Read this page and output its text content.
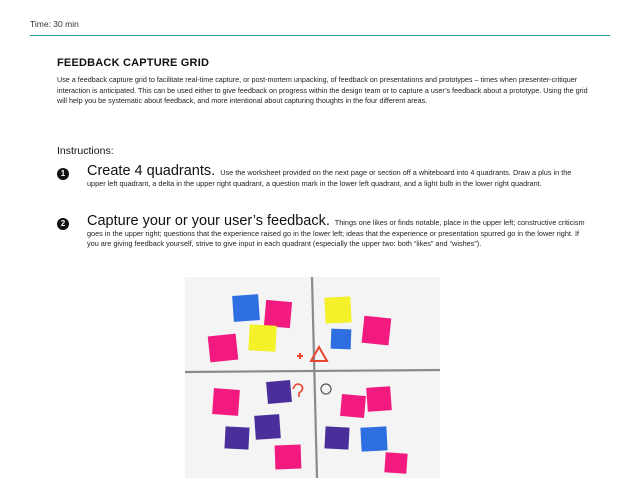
Time: 30 min
FEEDBACK CAPTURE GRID
Use a feedback capture grid to facilitate real-time capture, or post-mortem unpacking, of feedback on presentations and prototypes – times when presenter-critiquer interaction is anticipated. This can be used either to give feedback on progress within the design team or to capture a user’s feedback about a prototype. Using the grid will help you be systematic about feedback, and more intentional about capturing thoughts in the four different areas.
Instructions:
1 Create 4 quadrants. Use the worksheet provided on the next page or section off a whiteboard into 4 quadrants. Draw a plus in the upper left quadrant, a delta in the upper right quadrant, a question mark in the lower left quadrant, and a light bulb in the lower right quadrant.
2 Capture your or your user’s feedback. Things one likes or finds notable, place in the upper left; constructive criticism goes in the upper right; questions that the experience raised go in the lower left; ideas that the experience or presentation spurred go in the lower right. If you are giving feedback yourself, strive to give input in each quadrant (especially the upper two: both “likes” and “wishes”).
